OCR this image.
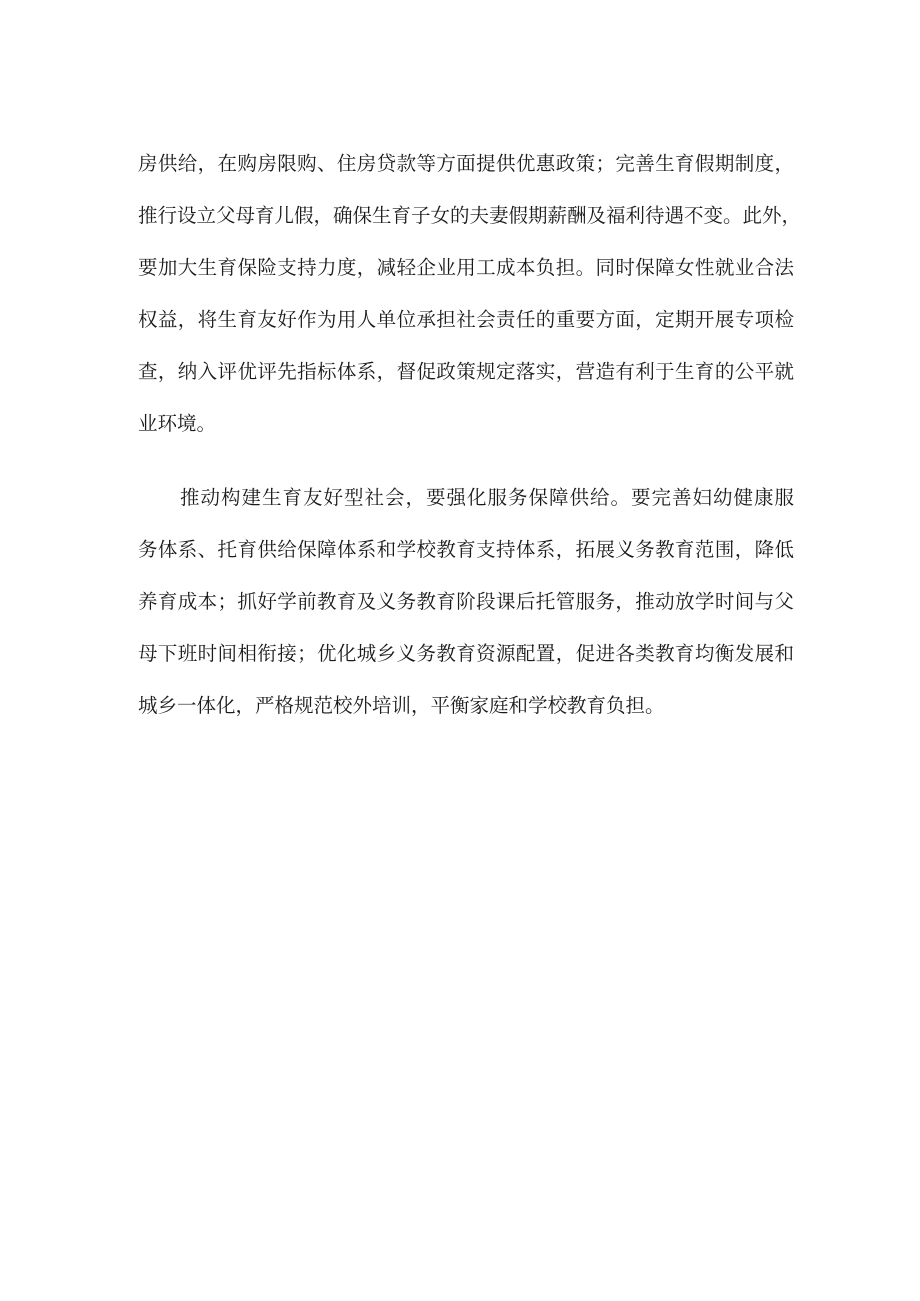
房供给，在购房限购、住房贷款等方面提供优惠政策；完善生育假期制度，
推行设立父母育儿假，确保生育子女的夫妻假期薪酬及福利待遇不变。此外，
要加大生育保险支持力度，减轻企业用工成本负担。同时保障女性就业合法
权益，将生育友好作为用人单位承担社会责任的重要方面，定期开展专项检
查，纳入评优评先指标体系，督促政策规定落实，营造有利于生育的公平就
业环境。
推动构建生育友好型社会，要强化服务保障供给。要完善妇幼健康服
务体系、托育供给保障体系和学校教育支持体系，拓展义务教育范围，降低
养育成本；抓好学前教育及义务教育阶段课后托管服务，推动放学时间与父
母下班时间相衔接；优化城乡义务教育资源配置，促进各类教育均衡发展和
城乡一体化，严格规范校外培训，平衡家庭和学校教育负担。
